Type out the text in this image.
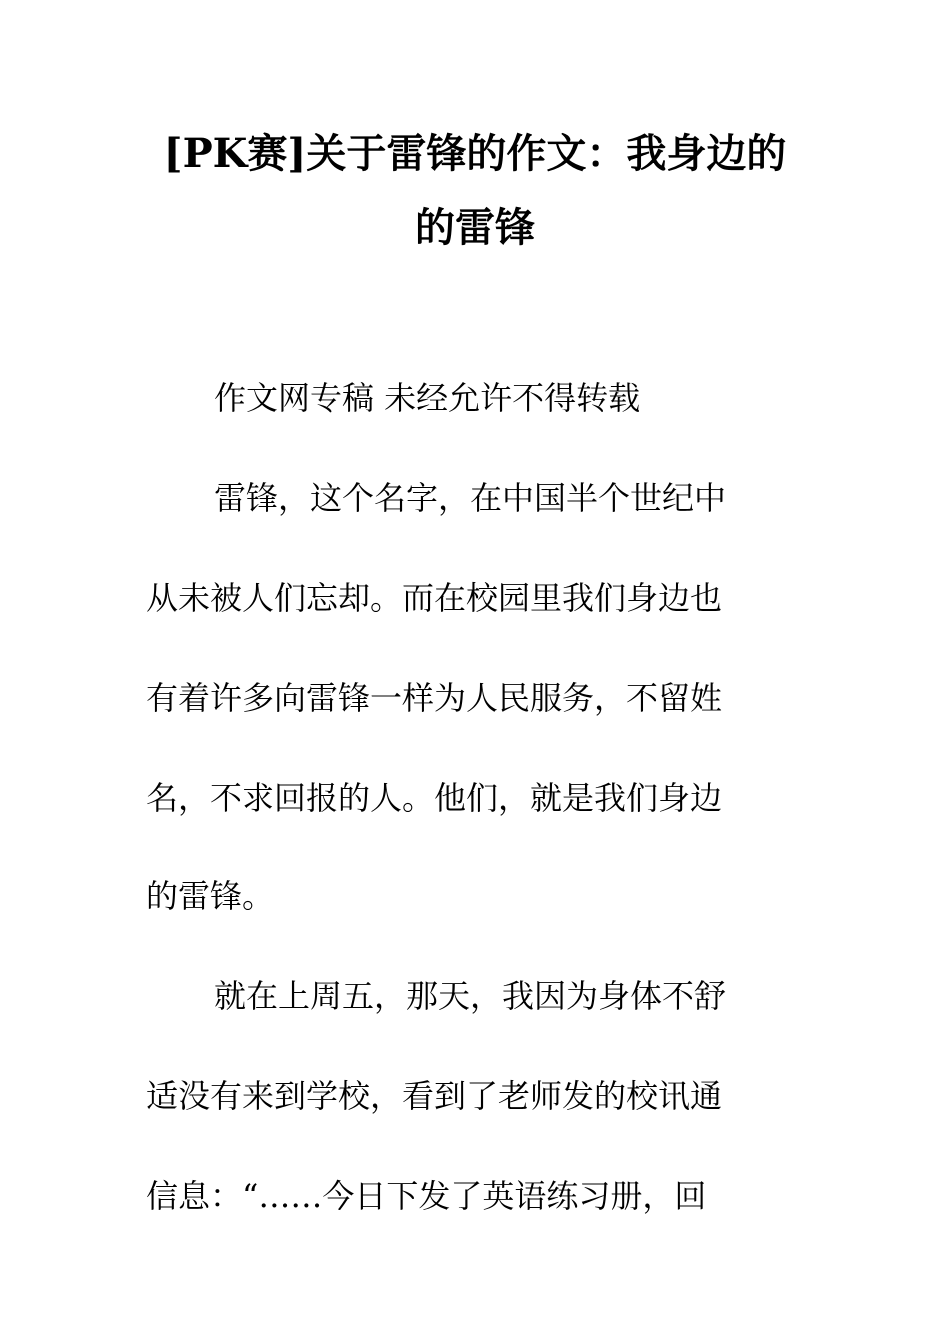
[PK赛]关于雷锋的作文：我身边的
的雷锋
作文网专稿 未经允许不得转载
雷锋，这个名字，在中国半个世纪中
从未被人们忘却。而在校园里我们身边也
有着许多向雷锋一样为人民服务，不留姓
名，不求回报的人。他们，就是我们身边
的雷锋。
就在上周五，那天，我因为身体不舒
适没有来到学校，看到了老师发的校讯通
信息：“……今日下发了英语练习册，回
